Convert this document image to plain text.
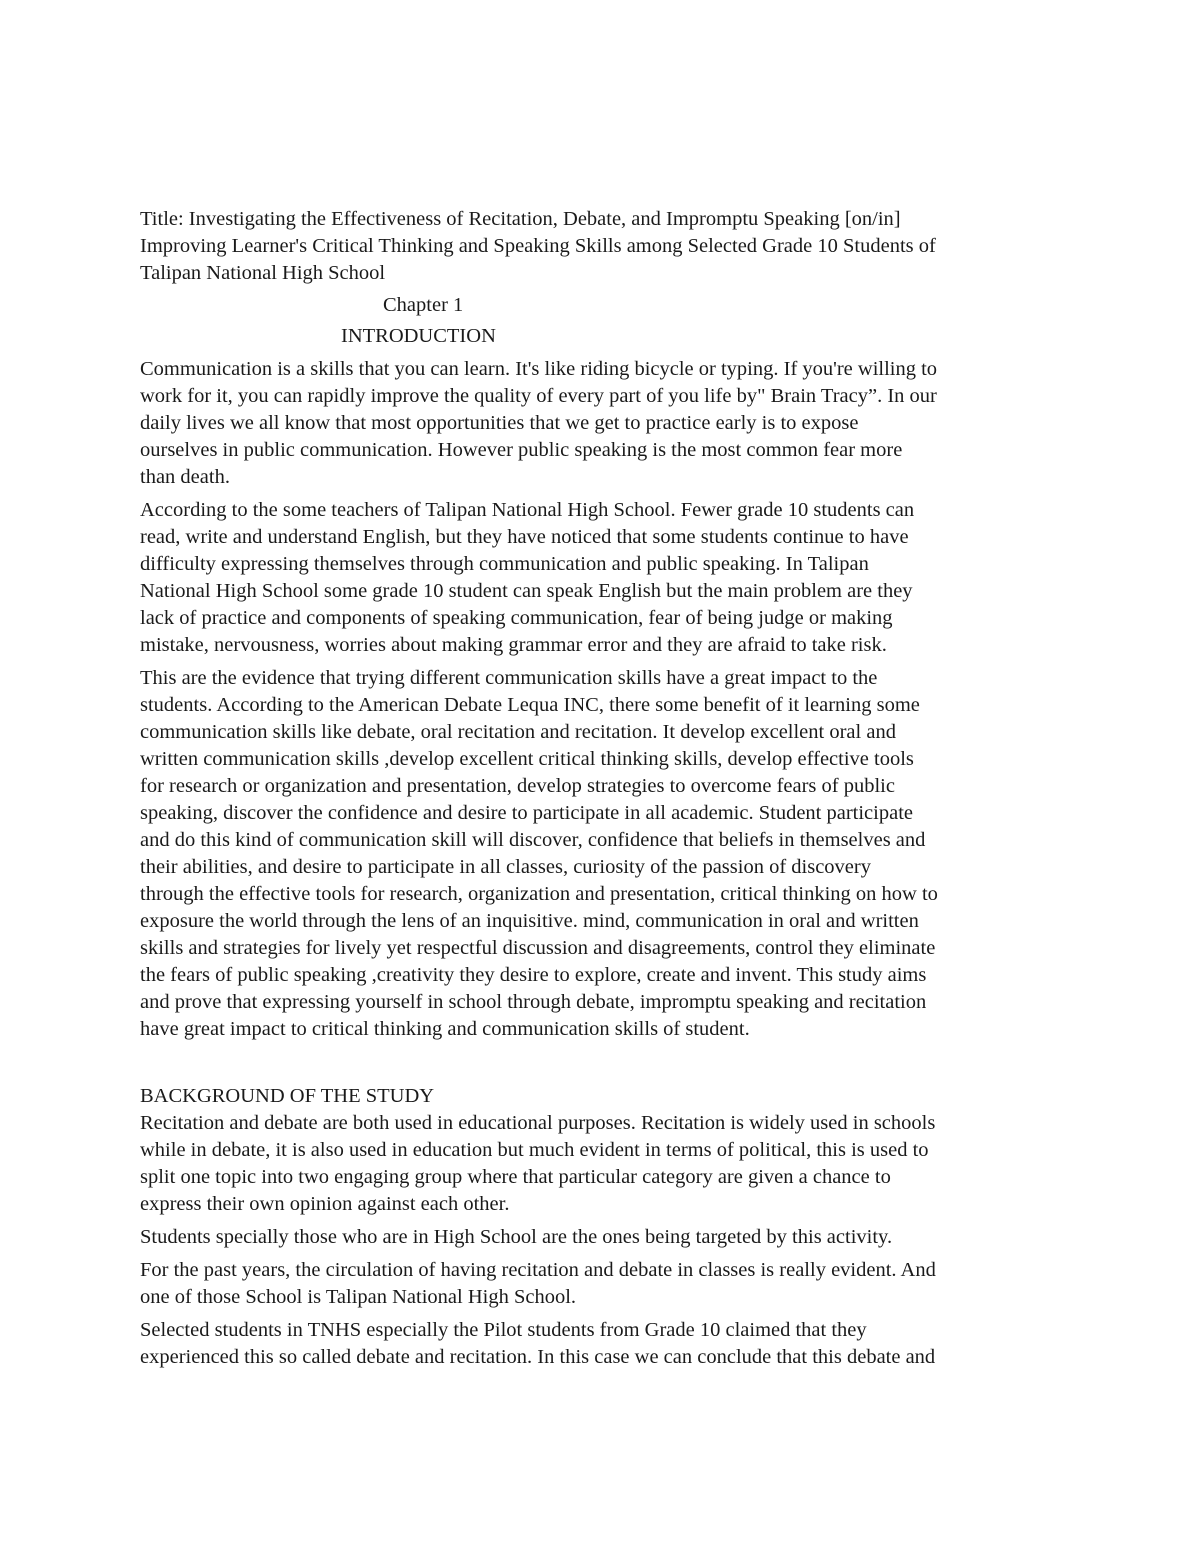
Title: Investigating the Effectiveness of Recitation, Debate, and Impromptu Speaking [on/in]
Improving Learner's Critical Thinking and Speaking Skills among Selected Grade 10 Students of
Talipan National High School
Chapter 1
INTRODUCTION
Communication is a skills that you can learn. It's like riding bicycle or typing. If you're willing to
work for it, you can rapidly improve the quality of every part of you life by" Brain Tracy”. In our
daily lives we all know that most opportunities that we get to practice early is to expose
ourselves in public communication. However public speaking is the most common fear more
than death.
According to the some teachers of Talipan National High School. Fewer grade 10 students can
read, write and understand English, but they have noticed that some students continue to have
difficulty expressing themselves through communication and public speaking. In Talipan
National High School some grade 10 student can speak English but the main problem are they
lack of practice and components of speaking communication, fear of being judge or making
mistake, nervousness, worries about making grammar error and they are afraid to take risk.
This are the evidence that trying different communication skills have a great impact to the
students. According to the American Debate Lequa INC, there some benefit of it learning some
communication skills like debate, oral recitation and recitation. It develop excellent oral and
written communication skills ,develop excellent critical thinking skills, develop effective tools
for research or organization and presentation, develop strategies to overcome fears of public
speaking, discover the confidence and desire to participate in all academic. Student participate
and do this kind of communication skill will discover, confidence that beliefs in themselves and
their abilities, and desire to participate in all classes, curiosity of the passion of discovery
through the effective tools for research, organization and presentation, critical thinking on how to
exposure the world through the lens of an inquisitive. mind, communication in oral and written
skills and strategies for lively yet respectful discussion and disagreements, control they eliminate
the fears of public speaking ,creativity they desire to explore, create and invent. This study aims
and prove that expressing yourself in school through debate, impromptu speaking and recitation
have great impact to critical thinking and communication skills of student.
BACKGROUND OF THE STUDY
Recitation and debate are both used in educational purposes. Recitation is widely used in schools
while in debate, it is also used in education but much evident in terms of political, this is used to
split one topic into two engaging group where that particular category are given a chance to
express their own opinion against each other.
Students specially those who are in High School are the ones being targeted by this activity.
For the past years, the circulation of having recitation and debate in classes is really evident. And
one of those School is Talipan National High School.
Selected students in TNHS especially the Pilot students from Grade 10 claimed that they
experienced this so called debate and recitation. In this case we can conclude that this debate and
